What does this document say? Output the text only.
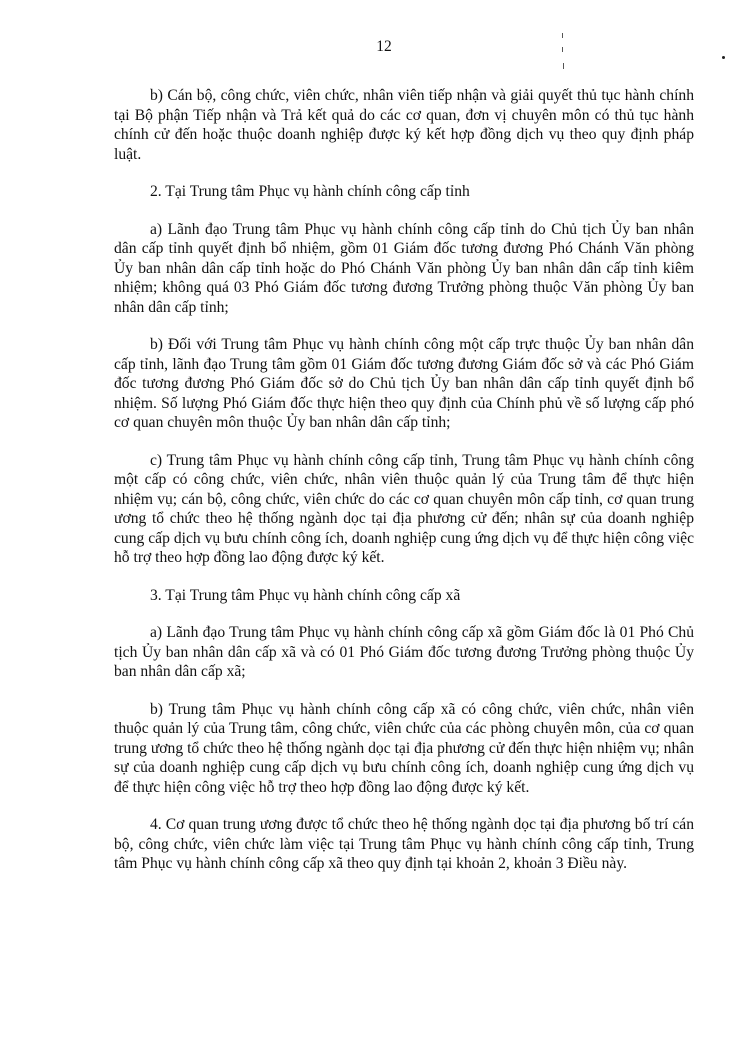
12

b) Cán bộ, công chức, viên chức, nhân viên tiếp nhận và giải quyết thủ tục hành chính tại Bộ phận Tiếp nhận và Trả kết quả do các cơ quan, đơn vị chuyên môn có thủ tục hành chính cử đến hoặc thuộc doanh nghiệp được ký kết hợp đồng dịch vụ theo quy định pháp luật.

2. Tại Trung tâm Phục vụ hành chính công cấp tỉnh

a) Lãnh đạo Trung tâm Phục vụ hành chính công cấp tỉnh do Chủ tịch Ủy ban nhân dân cấp tỉnh quyết định bổ nhiệm, gồm 01 Giám đốc tương đương Phó Chánh Văn phòng Ủy ban nhân dân cấp tỉnh hoặc do Phó Chánh Văn phòng Ủy ban nhân dân cấp tỉnh kiêm nhiệm; không quá 03 Phó Giám đốc tương đương Trưởng phòng thuộc Văn phòng Ủy ban nhân dân cấp tỉnh;

b) Đối với Trung tâm Phục vụ hành chính công một cấp trực thuộc Ủy ban nhân dân cấp tỉnh, lãnh đạo Trung tâm gồm 01 Giám đốc tương đương Giám đốc sở và các Phó Giám đốc tương đương Phó Giám đốc sở do Chủ tịch Ủy ban nhân dân cấp tỉnh quyết định bổ nhiệm. Số lượng Phó Giám đốc thực hiện theo quy định của Chính phủ về số lượng cấp phó cơ quan chuyên môn thuộc Ủy ban nhân dân cấp tỉnh;

c) Trung tâm Phục vụ hành chính công cấp tỉnh, Trung tâm Phục vụ hành chính công một cấp có công chức, viên chức, nhân viên thuộc quản lý của Trung tâm để thực hiện nhiệm vụ; cán bộ, công chức, viên chức do các cơ quan chuyên môn cấp tỉnh, cơ quan trung ương tổ chức theo hệ thống ngành dọc tại địa phương cử đến; nhân sự của doanh nghiệp cung cấp dịch vụ bưu chính công ích, doanh nghiệp cung ứng dịch vụ để thực hiện công việc hỗ trợ theo hợp đồng lao động được ký kết.

3. Tại Trung tâm Phục vụ hành chính công cấp xã

a) Lãnh đạo Trung tâm Phục vụ hành chính công cấp xã gồm Giám đốc là 01 Phó Chủ tịch Ủy ban nhân dân cấp xã và có 01 Phó Giám đốc tương đương Trưởng phòng thuộc Ủy ban nhân dân cấp xã;

b) Trung tâm Phục vụ hành chính công cấp xã có công chức, viên chức, nhân viên thuộc quản lý của Trung tâm, công chức, viên chức của các phòng chuyên môn, của cơ quan trung ương tổ chức theo hệ thống ngành dọc tại địa phương cử đến thực hiện nhiệm vụ; nhân sự của doanh nghiệp cung cấp dịch vụ bưu chính công ích, doanh nghiệp cung ứng dịch vụ để thực hiện công việc hỗ trợ theo hợp đồng lao động được ký kết.

4. Cơ quan trung ương được tổ chức theo hệ thống ngành dọc tại địa phương bố trí cán bộ, công chức, viên chức làm việc tại Trung tâm Phục vụ hành chính công cấp tỉnh, Trung tâm Phục vụ hành chính công cấp xã theo quy định tại khoản 2, khoản 3 Điều này.
